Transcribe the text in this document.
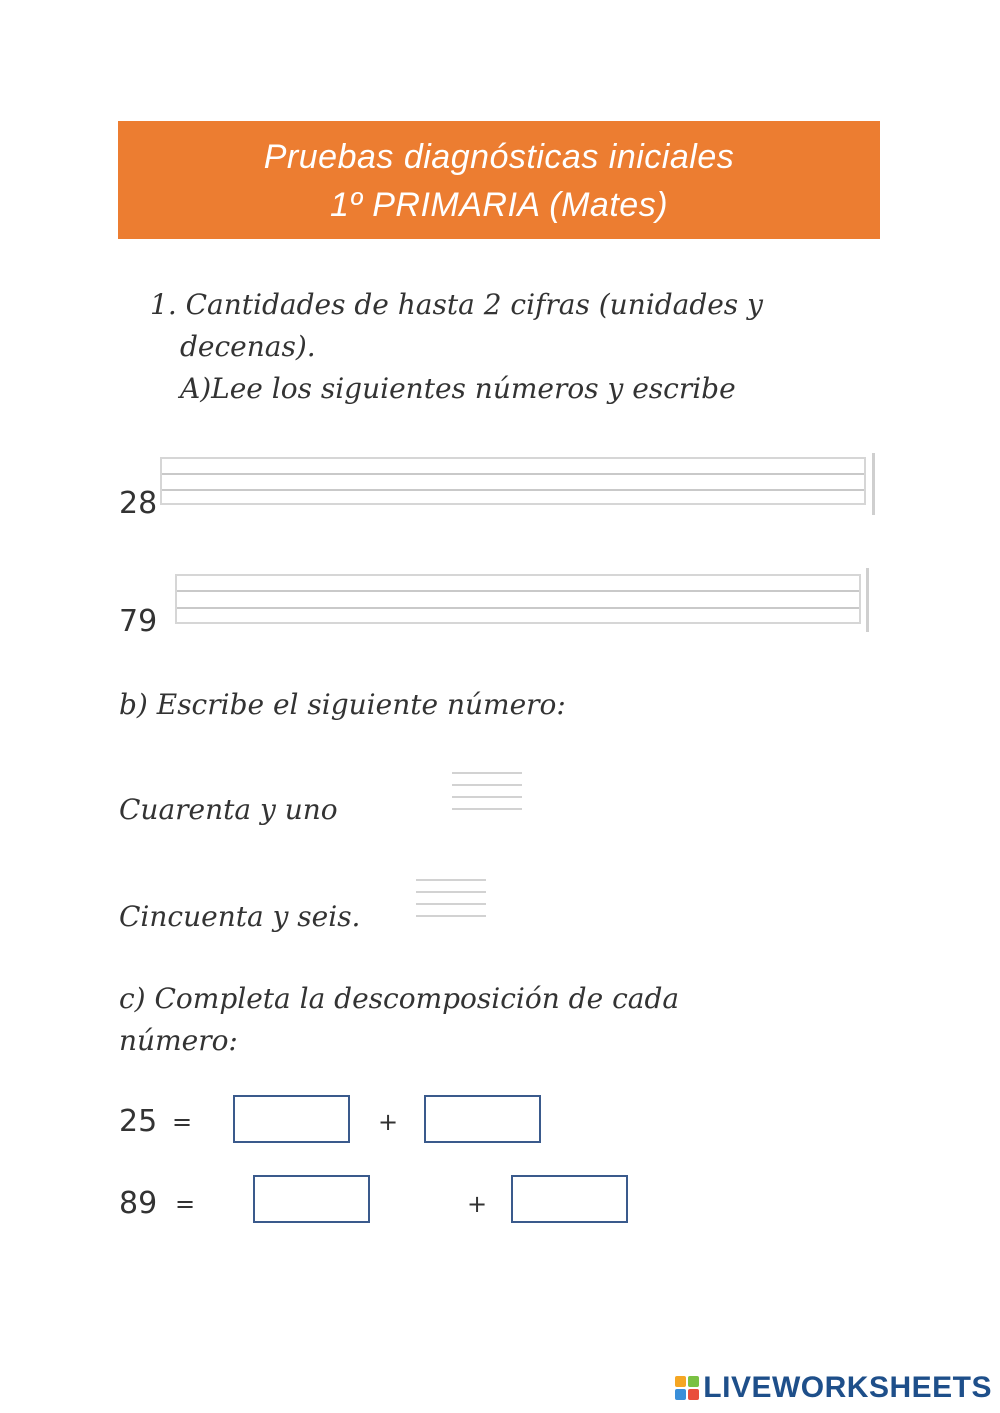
Pruebas diagnósticas iniciales
1º PRIMARIA (Mates)
1. Cantidades de hasta 2 cifras (unidades y
decenas).
A)Lee los siguientes números y escribe
28
79
b) Escribe el siguiente número:
Cuarenta y uno
Cincuenta y seis.
c) Completa la descomposición de cada
número:
25 =	+
89 =	+
LIVEWORKSHEETS
